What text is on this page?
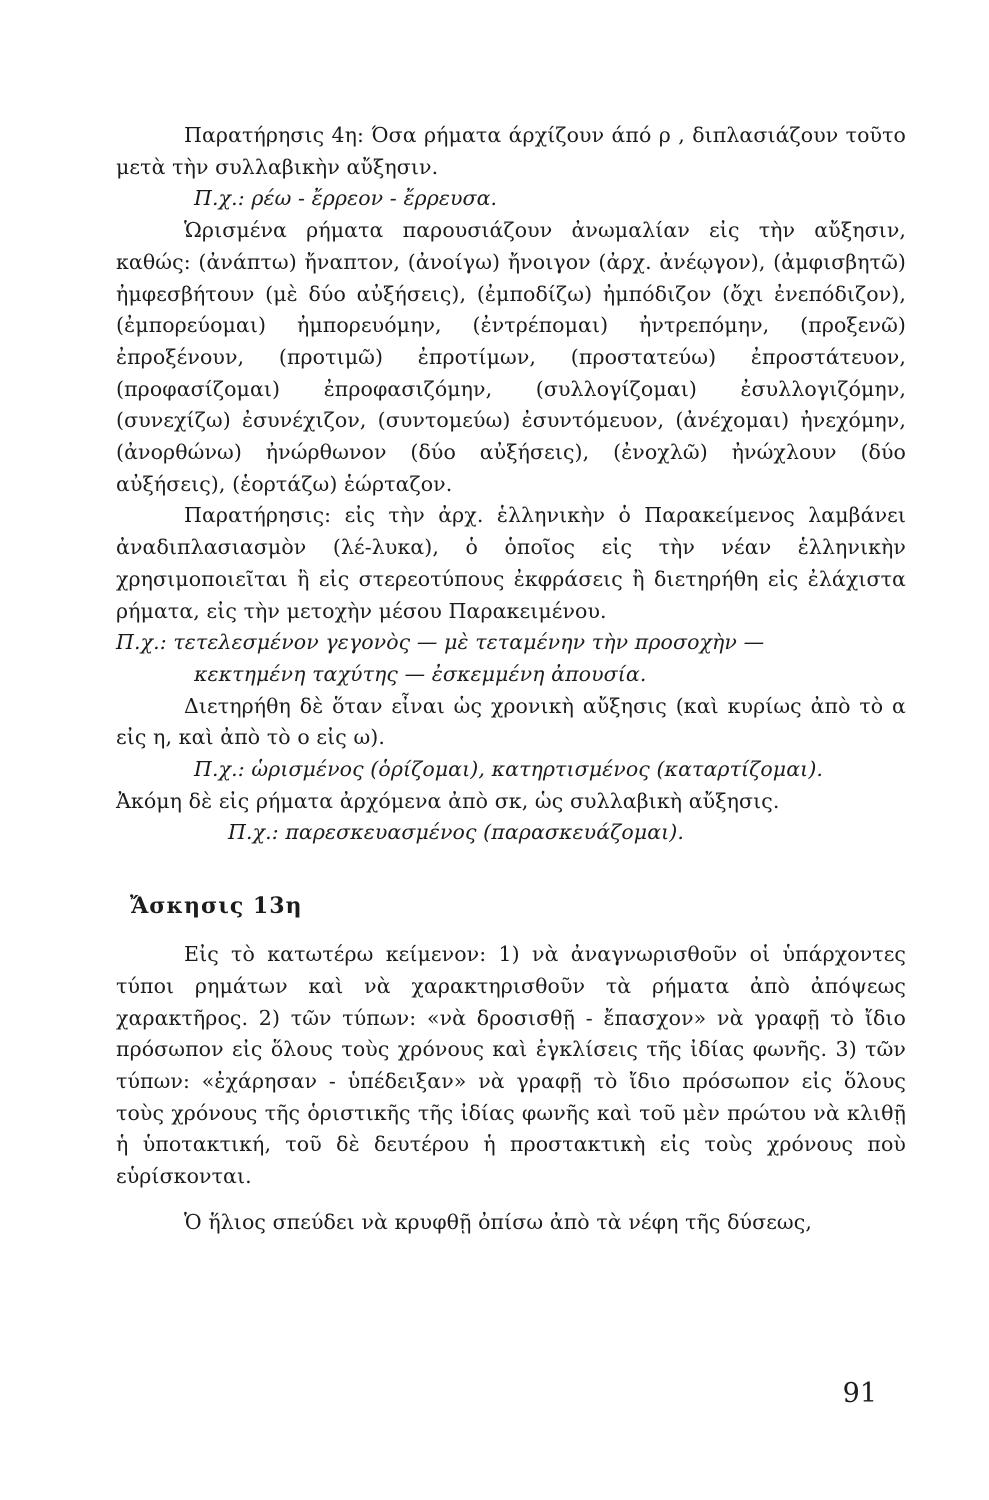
Παρατήρησις 4η: Όσα ρήματα άρχίζουν άπό ρ , διπλασιάζουν τοῦτο μετὰ τὴν συλλαβικὴν αὔξησιν.

Π.χ.: ρέω - ἔρρεον - ἔρρευσα.

Ὡρισμένα ρήματα παρουσιάζουν ἀνωμαλίαν εἰς τὴν αὔξησιν, καθώς: (ἀνάπτω) ἤναπτον, (ἀνοίγω) ἤνοιγον (ἀρχ. ἀνέῳγον), (ἀμφισβητῶ) ἠμφεσβήτουν (μὲ δύο αὐξήσεις), (ἐμποδίζω) ἠμπόδιζον (ὄχι ἐνεπόδιζον), (ἐμπορεύομαι) ἠμπορευόμην, (ἐντρέπομαι) ἠντρεπόμην, (προξενῶ) ἐπροξένουν, (προτιμῶ) ἐπροτίμων, (προστατεύω) ἐπροστάτευον, (προφασίζομαι) ἐπροφασιζόμην, (συλλογίζομαι) ἐσυλλογιζόμην, (συνεχίζω) ἐσυνέχιζον, (συντομεύω) ἐσυντόμευον, (ἀνέχομαι) ἠνεχόμην, (ἀνορθώνω) ἠνώρθωνον (δύο αὐξήσεις), (ἐνοχλῶ) ἠνώχλουν (δύο αὐξήσεις), (ἑορτάζω) ἑώρταζον.

Παρατήρησις: εἰς τὴν ἀρχ. ἑλληνικὴν ὁ Παρακείμενος λαμβάνει ἀναδιπλασιασμὸν (λέ-λυκα), ὁ ὁποῖος εἰς τὴν νέαν ἑλληνικὴν χρησιμοποιεῖται ἢ εἰς στερεοτύπους ἐκφράσεις ἢ διετηρήθη εἰς ἐλάχιστα ρήματα, εἰς τὴν μετοχὴν μέσου Παρακειμένου.

Π.χ.: τετελεσμένον γεγονὸς — μὲ τεταμένην τὴν προσοχὴν —

κεκτημένη ταχύτης — ἐσκεμμένη ἀπουσία.

Διετηρήθη δὲ ὅταν εἶναι ὡς χρονικὴ αὔξησις (καὶ κυρίως ἀπὸ τὸ α εἰς η, καὶ ἀπὸ τὸ ο εἰς ω).

Π.χ.: ὡρισμένος (ὁρίζομαι), κατηρτισμένος (καταρτίζομαι).

Ἀκόμη δὲ εἰς ρήματα ἀρχόμενα ἀπὸ σκ, ὡς συλλαβικὴ αὔξησις.

Π.χ.: παρεσκευασμένος (παρασκευάζομαι).

Ἄσκησις 13η

Εἰς τὸ κατωτέρω κείμενον: 1) νὰ ἀναγνωρισθοῦν οἱ ὑπάρχοντες τύποι ρημάτων καὶ νὰ χαρακτηρισθοῦν τὰ ρήματα ἀπὸ ἀπόψεως χαρακτῆρος. 2) τῶν τύπων: «νὰ δροσισθῇ - ἔπασχον» νὰ γραφῇ τὸ ἴδιο πρόσωπον εἰς ὅλους τοὺς χρόνους καὶ ἐγκλίσεις τῆς ἰδίας φωνῆς. 3) τῶν τύπων: «ἐχάρησαν - ὑπέδειξαν» νὰ γραφῇ τὸ ἴδιο πρόσωπον εἰς ὅλους τοὺς χρόνους τῆς ὁριστικῆς τῆς ἰδίας φωνῆς καὶ τοῦ μὲν πρώτου νὰ κλιθῇ ἡ ὑποτακτική, τοῦ δὲ δευτέρου ἡ προστακτικὴ εἰς τοὺς χρόνους ποὺ εὑρίσκονται.

Ὁ ἥλιος σπεύδει νὰ κρυφθῇ ὀπίσω ἀπὸ τὰ νέφη τῆς δύσεως,

91
